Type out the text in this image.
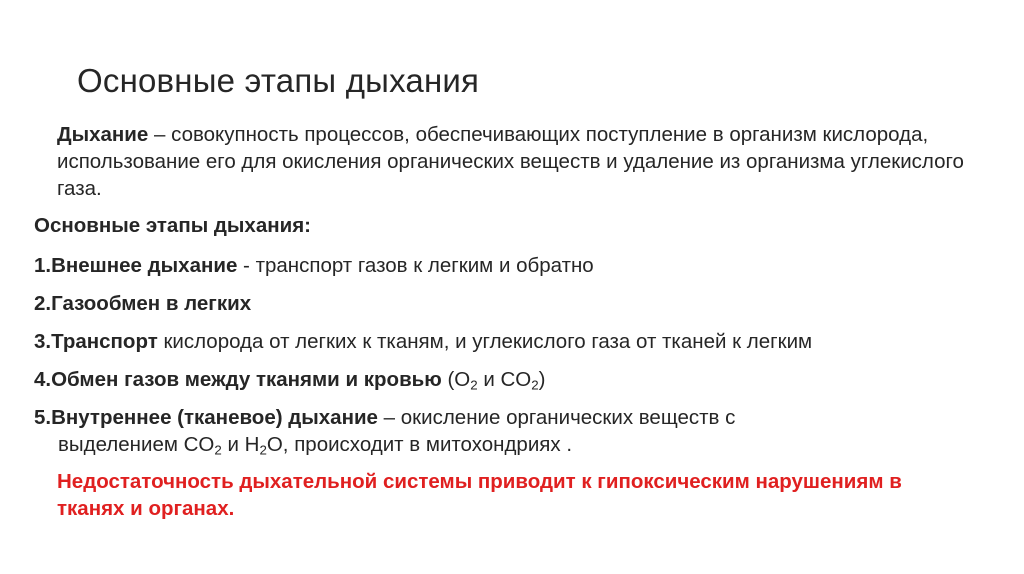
Основные этапы дыхания
Дыхание – совокупность процессов, обеспечивающих поступление в организм кислорода, использование его для окисления органических веществ и удаление из организма углекислого газа.
Основные этапы дыхания:
1.Внешнее дыхание - транспорт газов к легким и обратно
2.Газообмен в легких
3.Транспорт кислорода от легких к тканям, и углекислого газа от тканей к легким
4.Обмен газов между тканями и кровью ($O_2$ и $CO_2$)
5.Внутреннее (тканевое) дыхание – окисление органических веществ с
выделением $CO_2$ и $H_2O$, происходит в митохондриях .
Недостаточность дыхательной системы приводит к гипоксическим нарушениям в тканях и органах.
